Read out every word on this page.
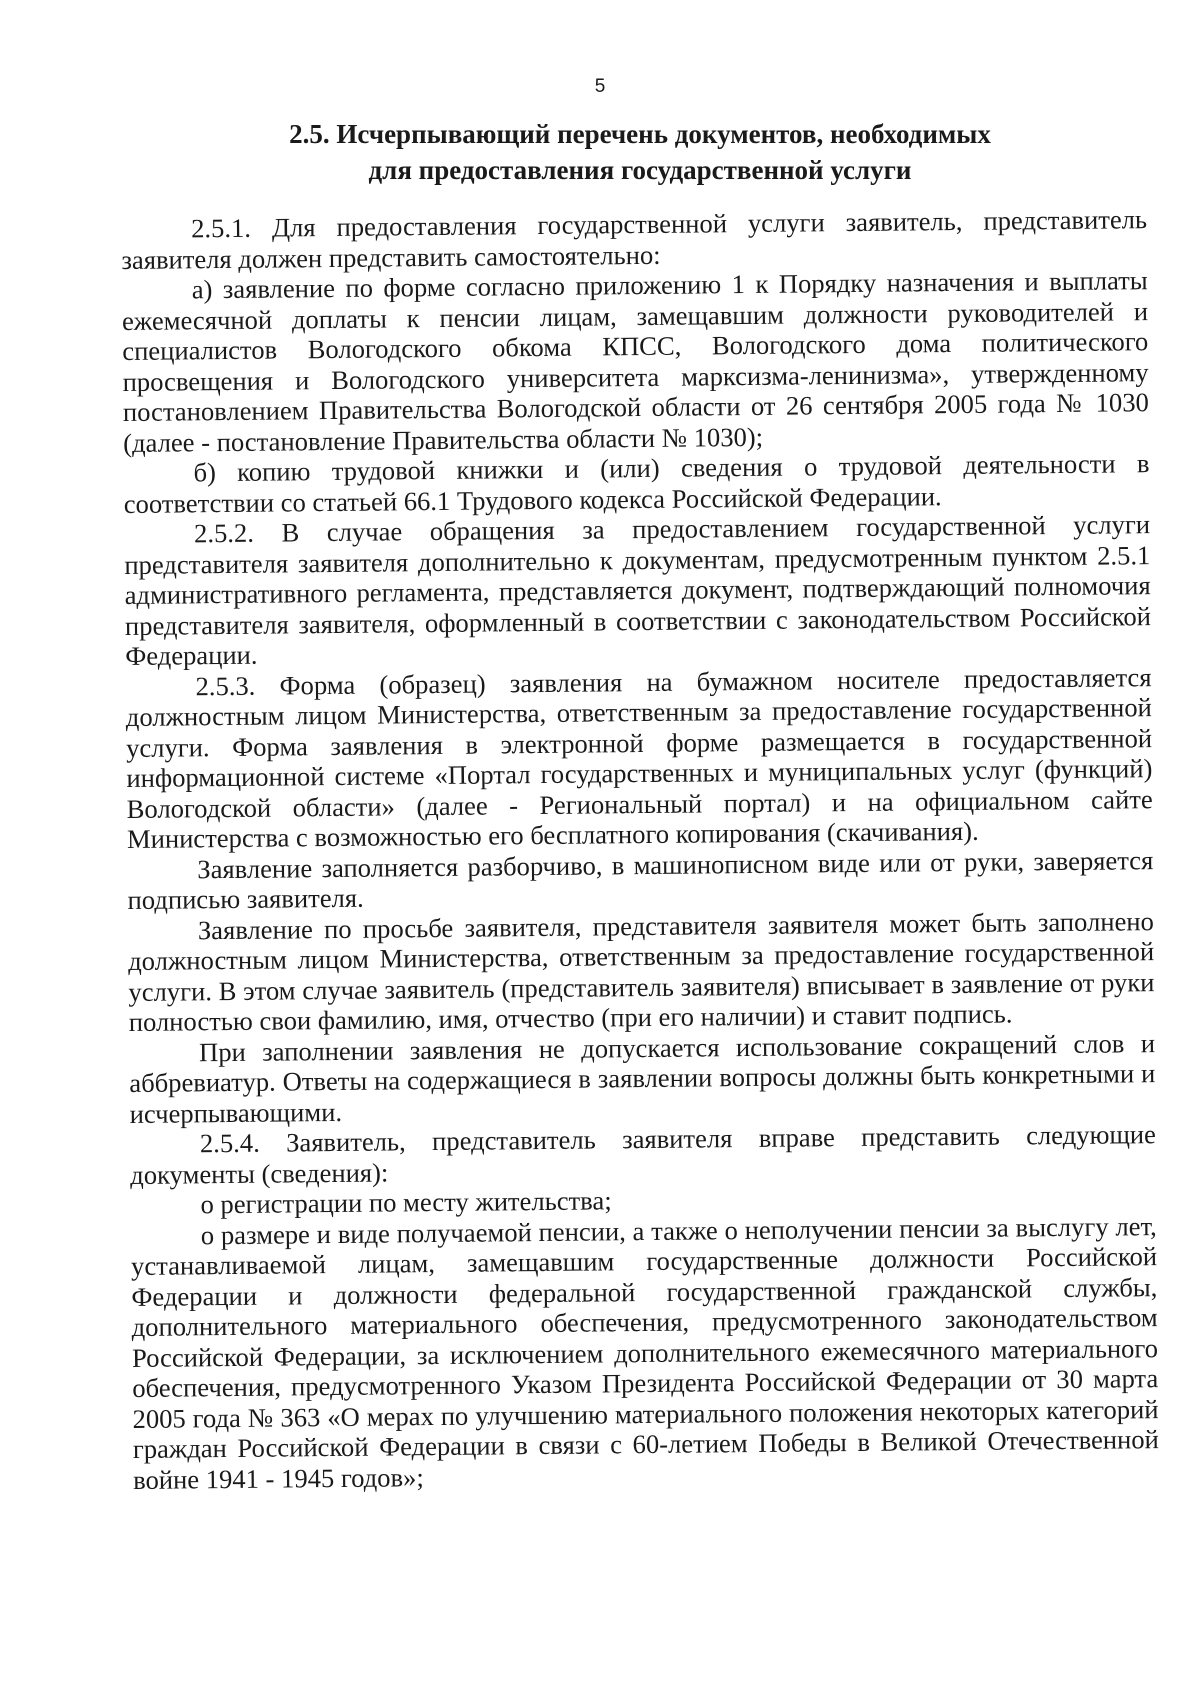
5
2.5. Исчерпывающий перечень документов, необходимых
для предоставления государственной услуги

2.5.1. Для предоставления государственной услуги заявитель, представитель заявителя должен представить самостоятельно:

а) заявление по форме согласно приложению 1 к Порядку назначения и выплаты ежемесячной доплаты к пенсии лицам, замещавшим должности руководителей и специалистов Вологодского обкома КПСС, Вологодского дома политического просвещения и Вологодского университета марксизма-ленинизма», утвержденному постановлением Правительства Вологодской области от 26 сентября 2005 года № 1030 (далее - постановление Правительства области № 1030);

б) копию трудовой книжки и (или) сведения о трудовой деятельности в соответствии со статьей 66.1 Трудового кодекса Российской Федерации.

2.5.2. В случае обращения за предоставлением государственной услуги представителя заявителя дополнительно к документам, предусмотренным пунктом 2.5.1 административного регламента, представляется документ, подтверждающий полномочия представителя заявителя, оформленный в соответствии с законодательством Российской Федерации.

2.5.3. Форма (образец) заявления на бумажном носителе предоставляется должностным лицом Министерства, ответственным за предоставление государственной услуги. Форма заявления в электронной форме размещается в государственной информационной системе «Портал государственных и муниципальных услуг (функций) Вологодской области» (далее - Региональный портал) и на официальном сайте Министерства с возможностью его бесплатного копирования (скачивания).

Заявление заполняется разборчиво, в машинописном виде или от руки, заверяется подписью заявителя.

Заявление по просьбе заявителя, представителя заявителя может быть заполнено должностным лицом Министерства, ответственным за предоставление государственной услуги. В этом случае заявитель (представитель заявителя) вписывает в заявление от руки полностью свои фамилию, имя, отчество (при его наличии) и ставит подпись.

При заполнении заявления не допускается использование сокращений слов и аббревиатур. Ответы на содержащиеся в заявлении вопросы должны быть конкретными и исчерпывающими.

2.5.4. Заявитель, представитель заявителя вправе представить следующие документы (сведения):

о регистрации по месту жительства;

о размере и виде получаемой пенсии, а также о неполучении пенсии за выслугу лет, устанавливаемой лицам, замещавшим государственные должности Российской Федерации и должности федеральной государственной гражданской службы, дополнительного материального обеспечения, предусмотренного законодательством Российской Федерации, за исключением дополнительного ежемесячного материального обеспечения, предусмотренного Указом Президента Российской Федерации от 30 марта 2005 года № 363 «О мерах по улучшению материального положения некоторых категорий граждан Российской Федерации в связи с 60-летием Победы в Великой Отечественной войне 1941 - 1945 годов»;
